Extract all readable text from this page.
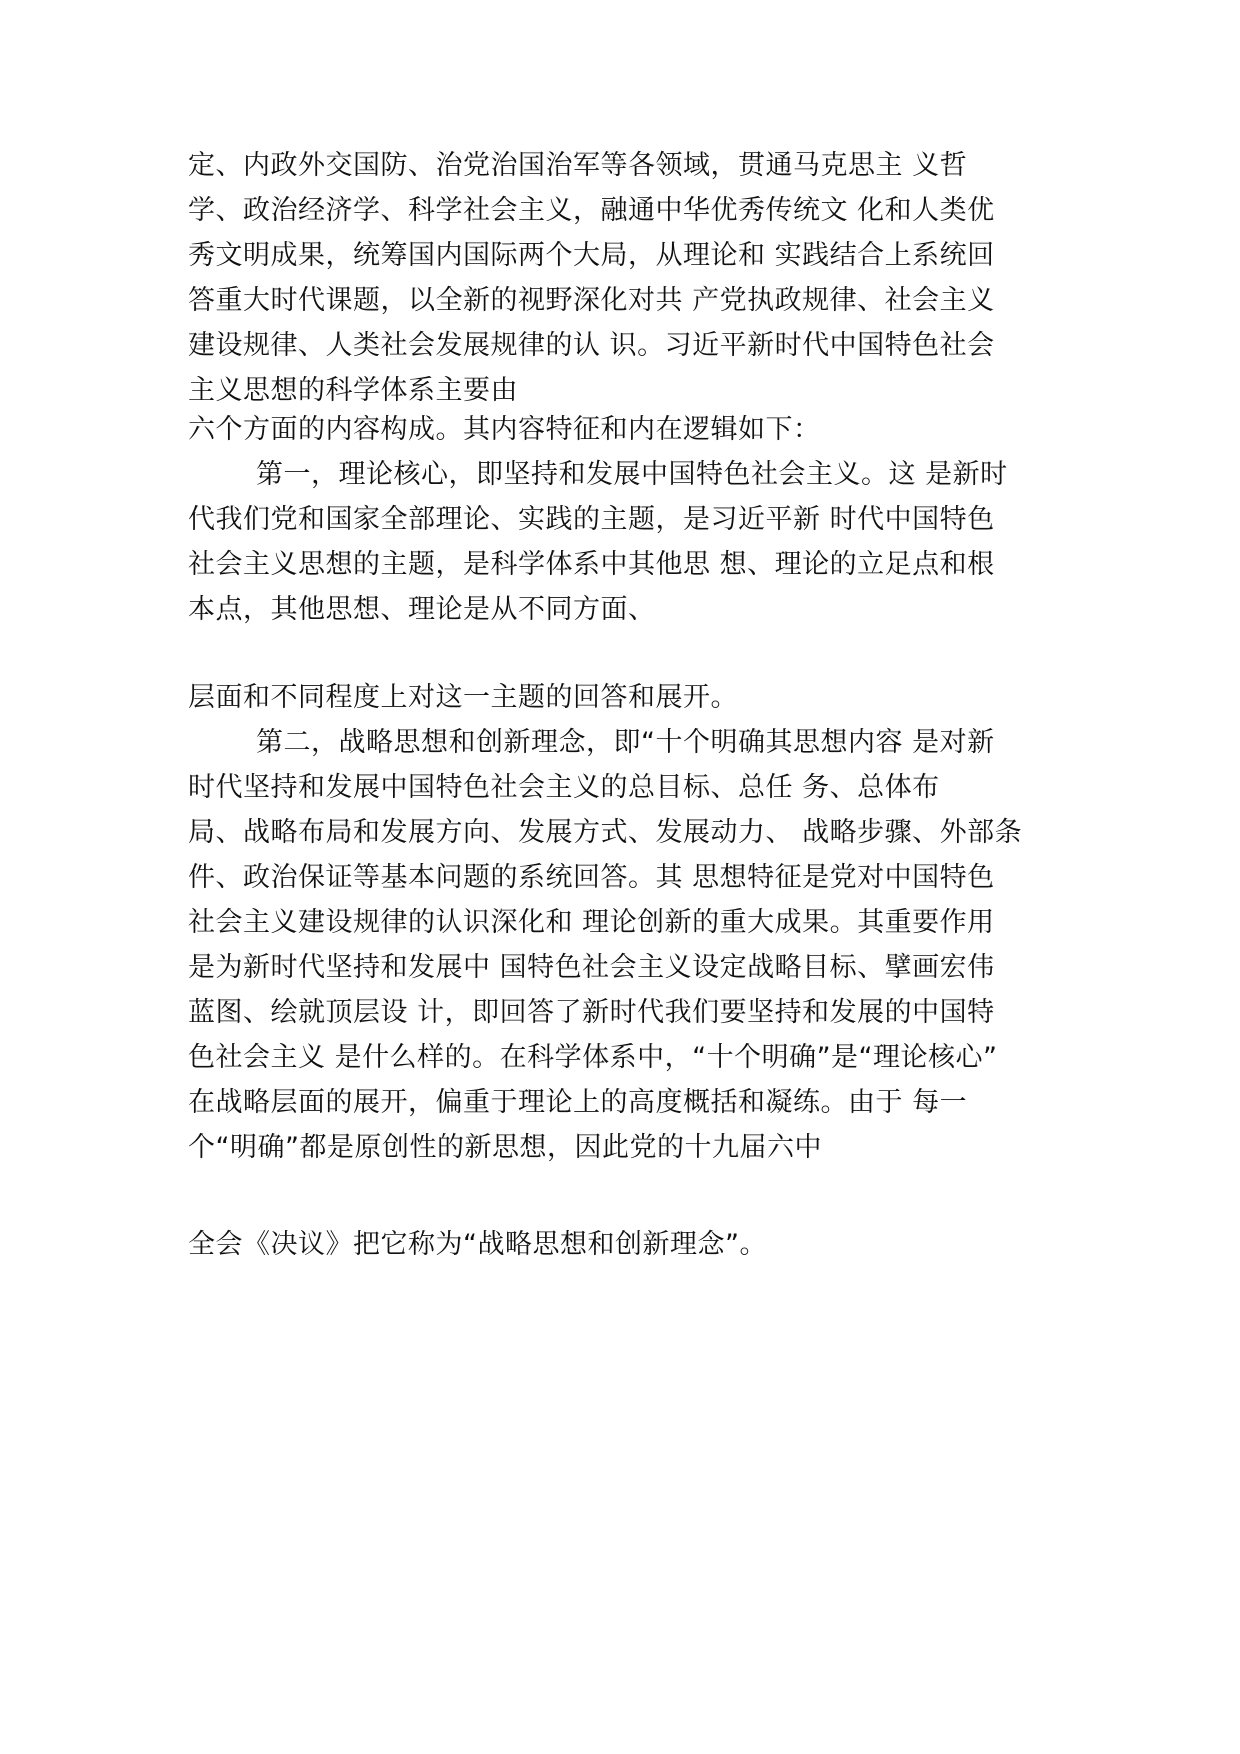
定、内政外交国防、治党治国治军等各领域，贯通马克思主 义哲
学、政治经济学、科学社会主义，融通中华优秀传统文 化和人类优
秀文明成果，统筹国内国际两个大局，从理论和 实践结合上系统回
答重大时代课题，以全新的视野深化对共 产党执政规律、社会主义
建设规律、人类社会发展规律的认 识。习近平新时代中国特色社会
主义思想的科学体系主要由
六个方面的内容构成。其内容特征和内在逻辑如下：
第一，理论核心，即坚持和发展中国特色社会主义。这 是新时
代我们党和国家全部理论、实践的主题，是习近平新 时代中国特色
社会主义思想的主题，是科学体系中其他思 想、理论的立足点和根
本点，其他思想、理论是从不同方面、
层面和不同程度上对这一主题的回答和展开。
第二，战略思想和创新理念，即“十个明确其思想内容 是对新
时代坚持和发展中国特色社会主义的总目标、总任 务、总体布
局、战略布局和发展方向、发展方式、发展动力、 战略步骤、外部条
件、政治保证等基本问题的系统回答。其 思想特征是党对中国特色
社会主义建设规律的认识深化和 理论创新的重大成果。其重要作用
是为新时代坚持和发展中 国特色社会主义设定战略目标、擘画宏伟
蓝图、绘就顶层设 计，即回答了新时代我们要坚持和发展的中国特
色社会主义 是什么样的。在科学体系中，“十个明确”是“理论核心”
在战略层面的展开，偏重于理论上的高度概括和凝练。由于 每一
个“明确”都是原创性的新思想，因此党的十九届六中
全会《决议》把它称为“战略思想和创新理念”。
